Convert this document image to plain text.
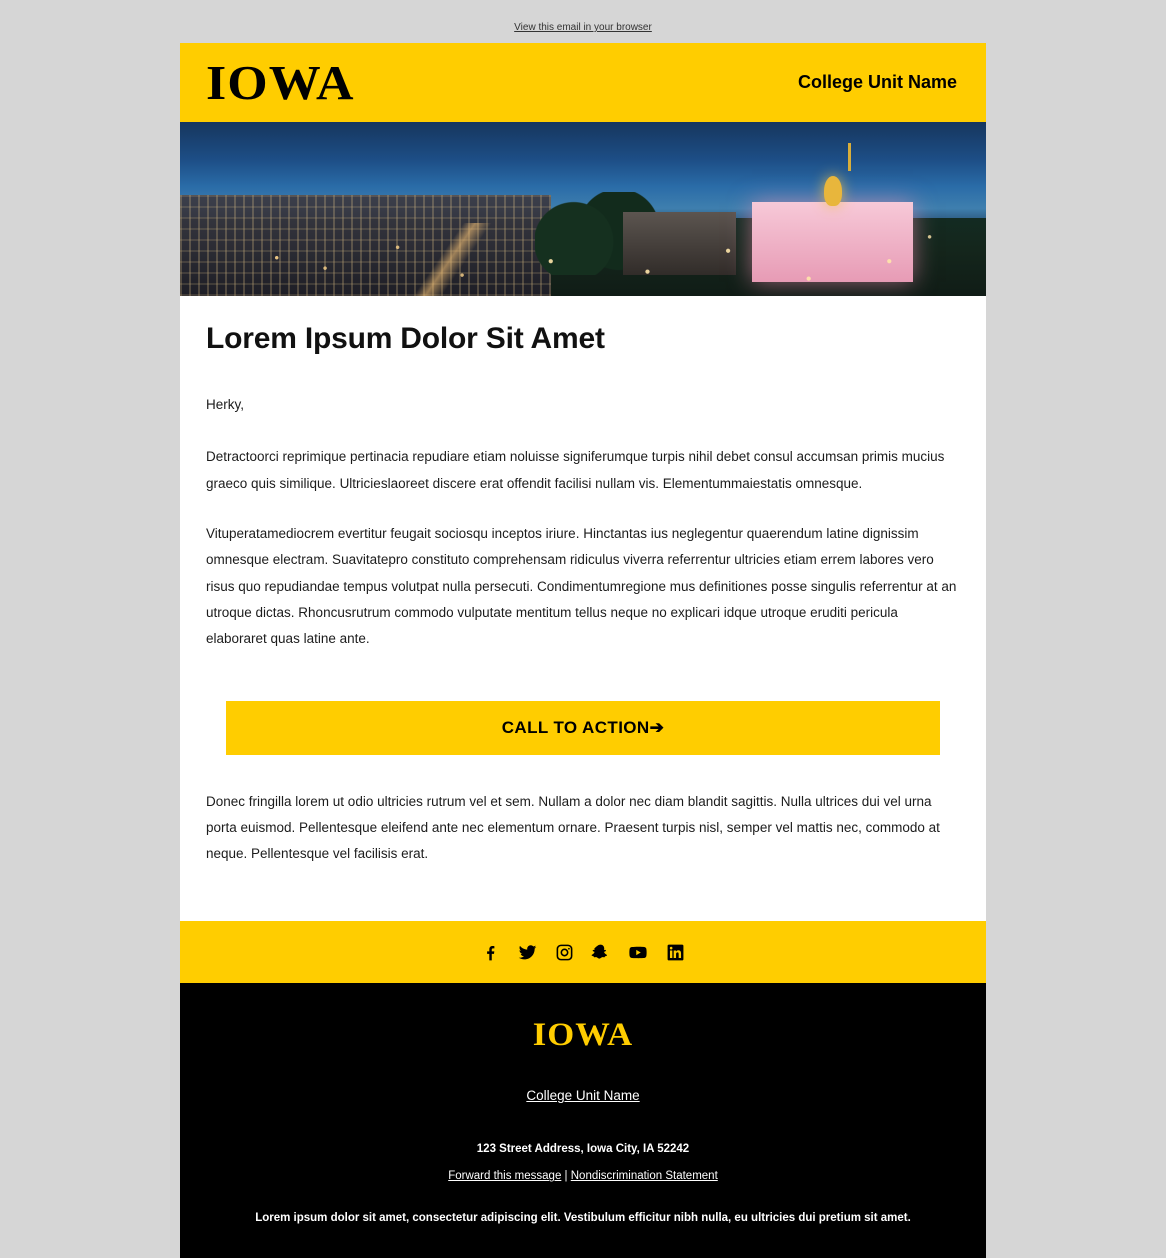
View this email in your browser
IOWA	College Unit Name
Lorem Ipsum Dolor Sit Amet

Herky,

Detractoorci reprimique pertinacia repudiare etiam noluisse signiferumque turpis nihil debet consul accumsan primis mucius graeco quis similique. Ultricieslaoreet discere erat offendit facilisi nullam vis. Elementummaiestatis omnesque.

Vituperatamediocrem evertitur feugait sociosqu inceptos iriure. Hinctantas ius neglegentur quaerendum latine dignissim omnesque electram. Suavitatepro constituto comprehensam ridiculus viverra referrentur ultricies etiam errem labores vero risus quo repudiandae tempus volutpat nulla persecuti. Condimentumregione mus definitiones posse singulis referrentur at an utroque dictas. Rhoncusrutrum commodo vulputate mentitum tellus neque no explicari idque utroque eruditi pericula elaboraret quas latine ante.

CALL TO ACTION➔

Donec fringilla lorem ut odio ultricies rutrum vel et sem. Nullam a dolor nec diam blandit sagittis. Nulla ultrices dui vel urna porta euismod. Pellentesque eleifend ante nec elementum ornare. Praesent turpis nisl, semper vel mattis nec, commodo at neque. Pellentesque vel facilisis erat.

IOWA
College Unit Name
123 Street Address, Iowa City, IA 52242
Forward this message | Nondiscrimination Statement
Lorem ipsum dolor sit amet, consectetur adipiscing elit. Vestibulum efficitur nibh nulla, eu ultricies dui pretium sit amet.
